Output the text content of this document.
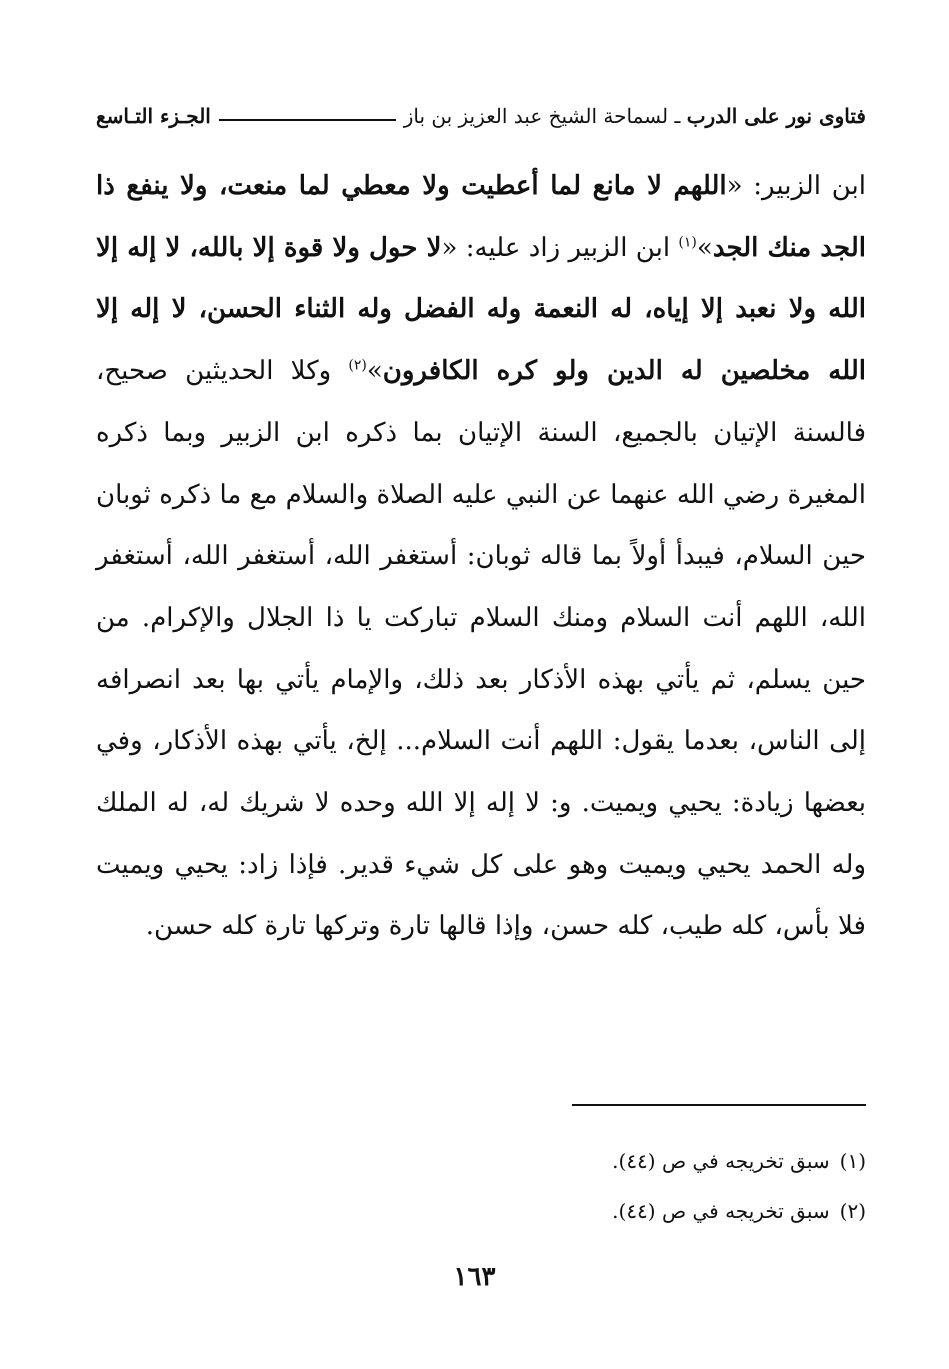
فتاوى نور على الدرب ـ لسماحة الشيخ عبد العزيز بن باز
الجـزء التـاسع
ابن الزبير: «اللهم لا مانع لما أعطيت ولا معطي لما منعت، ولا ينفع ذا الجد منك الجد»$^{(١)}$ ابن الزبير زاد عليه: «لا حول ولا قوة إلا بالله، لا إله إلا الله ولا نعبد إلا إياه، له النعمة وله الفضل وله الثناء الحسن، لا إله إلا الله مخلصين له الدين ولو كره الكافرون»$^{(٢)}$ وكلا الحديثين صحيح، فالسنة الإتيان بالجميع، السنة الإتيان بما ذكره ابن الزبير وبما ذكره المغيرة رضي الله عنهما عن النبي عليه الصلاة والسلام مع ما ذكره ثوبان حين السلام، فيبدأ أولاً بما قاله ثوبان: أستغفر الله، أستغفر الله، أستغفر الله، اللهم أنت السلام ومنك السلام تباركت يا ذا الجلال والإكرام. من حين يسلم، ثم يأتي بهذه الأذكار بعد ذلك، والإمام يأتي بها بعد انصرافه إلى الناس، بعدما يقول: اللهم أنت السلام... إلخ، يأتي بهذه الأذكار، وفي بعضها زيادة: يحيي ويميت. و: لا إله إلا الله وحده لا شريك له، له الملك وله الحمد يحيي ويميت وهو على كل شيء قدير. فإذا زاد: يحيي ويميت فلا بأس، كله طيب، كله حسن، وإذا قالها تارة وتركها تارة كله حسن.
(١)سبق تخريجه في ص (٤٤).
(٢)سبق تخريجه في ص (٤٤).
١٦٣
